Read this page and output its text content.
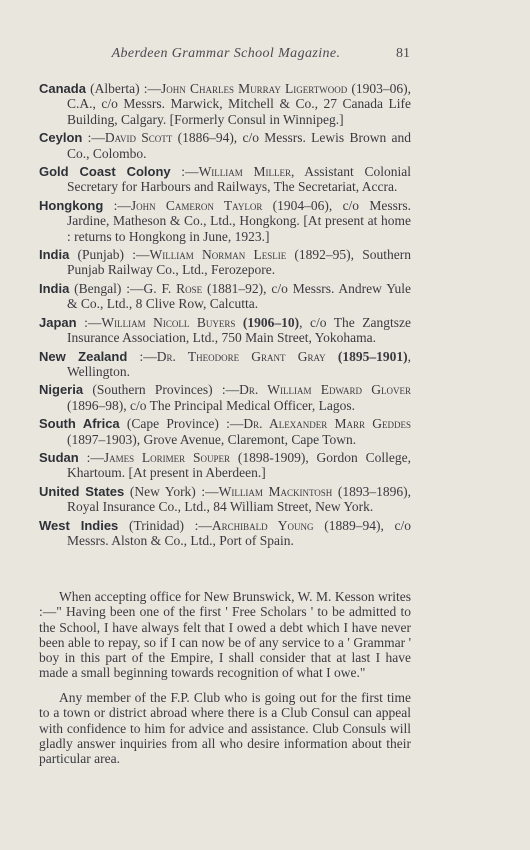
Aberdeen Grammar School Magazine.	81
Canada (Alberta) :—John Charles Murray Ligertwood (1903–06), C.A., c/o Messrs. Marwick, Mitchell & Co., 27 Canada Life Building, Calgary. [Formerly Consul in Winnipeg.]
Ceylon :—David Scott (1886–94), c/o Messrs. Lewis Brown and Co., Colombo.
Gold Coast Colony :—William Miller, Assistant Colonial Secretary for Harbours and Railways, The Secretariat, Accra.
Hongkong :—John Cameron Taylor (1904–06), c/o Messrs. Jardine, Matheson & Co., Ltd., Hongkong. [At present at home : returns to Hongkong in June, 1923.]
India (Punjab) :—William Norman Leslie (1892–95), Southern Punjab Railway Co., Ltd., Ferozepore.
India (Bengal) :—G. F. Rose (1881–92), c/o Messrs. Andrew Yule & Co., Ltd., 8 Clive Row, Calcutta.
Japan :—William Nicoll Buyers (1906–10), c/o The Zangtsze Insurance Association, Ltd., 750 Main Street, Yokohama.
New Zealand :—Dr. Theodore Grant Gray (1895–1901), Wellington.
Nigeria (Southern Provinces) :—Dr. William Edward Glover (1896–98), c/o The Principal Medical Officer, Lagos.
South Africa (Cape Province) :—Dr. Alexander Marr Geddes (1897–1903), Grove Avenue, Claremont, Cape Town.
Sudan :—James Lorimer Souper (1898-1909), Gordon College, Khartoum. [At present in Aberdeen.]
United States (New York) :—William Mackintosh (1893–1896), Royal Insurance Co., Ltd., 84 William Street, New York.
West Indies (Trinidad) :—Archibald Young (1889–94), c/o Messrs. Alston & Co., Ltd., Port of Spain.

When accepting office for New Brunswick, W. M. Kesson writes :—" Having been one of the first ' Free Scholars ' to be admitted to the School, I have always felt that I owed a debt which I have never been able to repay, so if I can now be of any service to a ' Grammar ' boy in this part of the Empire, I shall consider that at last I have made a small beginning towards recognition of what I owe."

Any member of the F.P. Club who is going out for the first time to a town or district abroad where there is a Club Consul can appeal with confidence to him for advice and assistance. Club Consuls will gladly answer inquiries from all who desire information about their particular area.
